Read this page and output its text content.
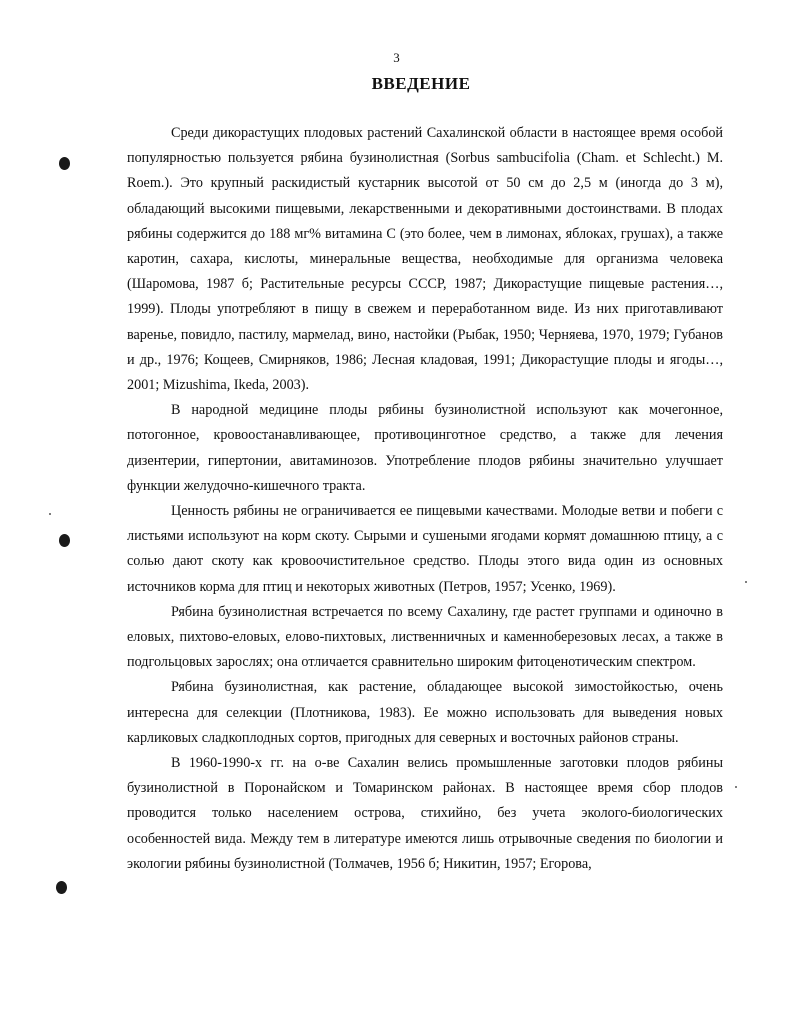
3
ВВЕДЕНИЕ

Среди дикорастущих плодовых растений Сахалинской области в настоящее время особой популярностью пользуется рябина бузинолистная (Sorbus sambucifolia (Cham. et Schlecht.) M. Roem.). Это крупный раскидистый кустарник высотой от 50 см до 2,5 м (иногда до 3 м), обладающий высокими пищевыми, лекарственными и декоративными достоинствами. В плодах рябины содержится до 188 мг% витамина С (это более, чем в лимонах, яблоках, грушах), а также каротин, сахара, кислоты, минеральные вещества, необходимые для организма человека (Шаромова, 1987 б; Растительные ресурсы СССР, 1987; Дикорастущие пищевые растения…, 1999). Плоды употребляют в пищу в свежем и переработанном виде. Из них приготавливают варенье, повидло, пастилу, мармелад, вино, настойки (Рыбак, 1950; Черняева, 1970, 1979; Губанов и др., 1976; Кощеев, Смирняков, 1986; Лесная кладовая, 1991; Дикорастущие плоды и ягоды…, 2001; Mizushima, Ikeda, 2003).

В народной медицине плоды рябины бузинолистной используют как мочегонное, потогонное, кровоостанавливающее, противоцинготное средство, а также для лечения дизентерии, гипертонии, авитаминозов. Употребление плодов рябины значительно улучшает функции желудочно-кишечного тракта.

Ценность рябины не ограничивается ее пищевыми качествами. Молодые ветви и побеги с листьями используют на корм скоту. Сырыми и сушеными ягодами кормят домашнюю птицу, а с солью дают скоту как кровоочистительное средство. Плоды этого вида один из основных источников корма для птиц и некоторых животных (Петров, 1957; Усенко, 1969).

Рябина бузинолистная встречается по всему Сахалину, где растет группами и одиночно в еловых, пихтово-еловых, елово-пихтовых, лиственничных и каменноберезовых лесах, а также в подгольцовых зарослях; она отличается сравнительно широким фитоценотическим спектром.

Рябина бузинолистная, как растение, обладающее высокой зимостойкостью, очень интересна для селекции (Плотникова, 1983). Ее можно использовать для выведения новых карликовых сладкоплодных сортов, пригодных для северных и восточных районов страны.

В 1960-1990-х гг. на о-ве Сахалин велись промышленные заготовки плодов рябины бузинолистной в Поронайском и Томаринском районах. В настоящее время сбор плодов проводится только населением острова, стихийно, без учета эколого-биологических особенностей вида. Между тем в литературе имеются лишь отрывочные сведения по биологии и экологии рябины бузинолистной (Толмачев, 1956 б; Никитин, 1957; Егорова,
